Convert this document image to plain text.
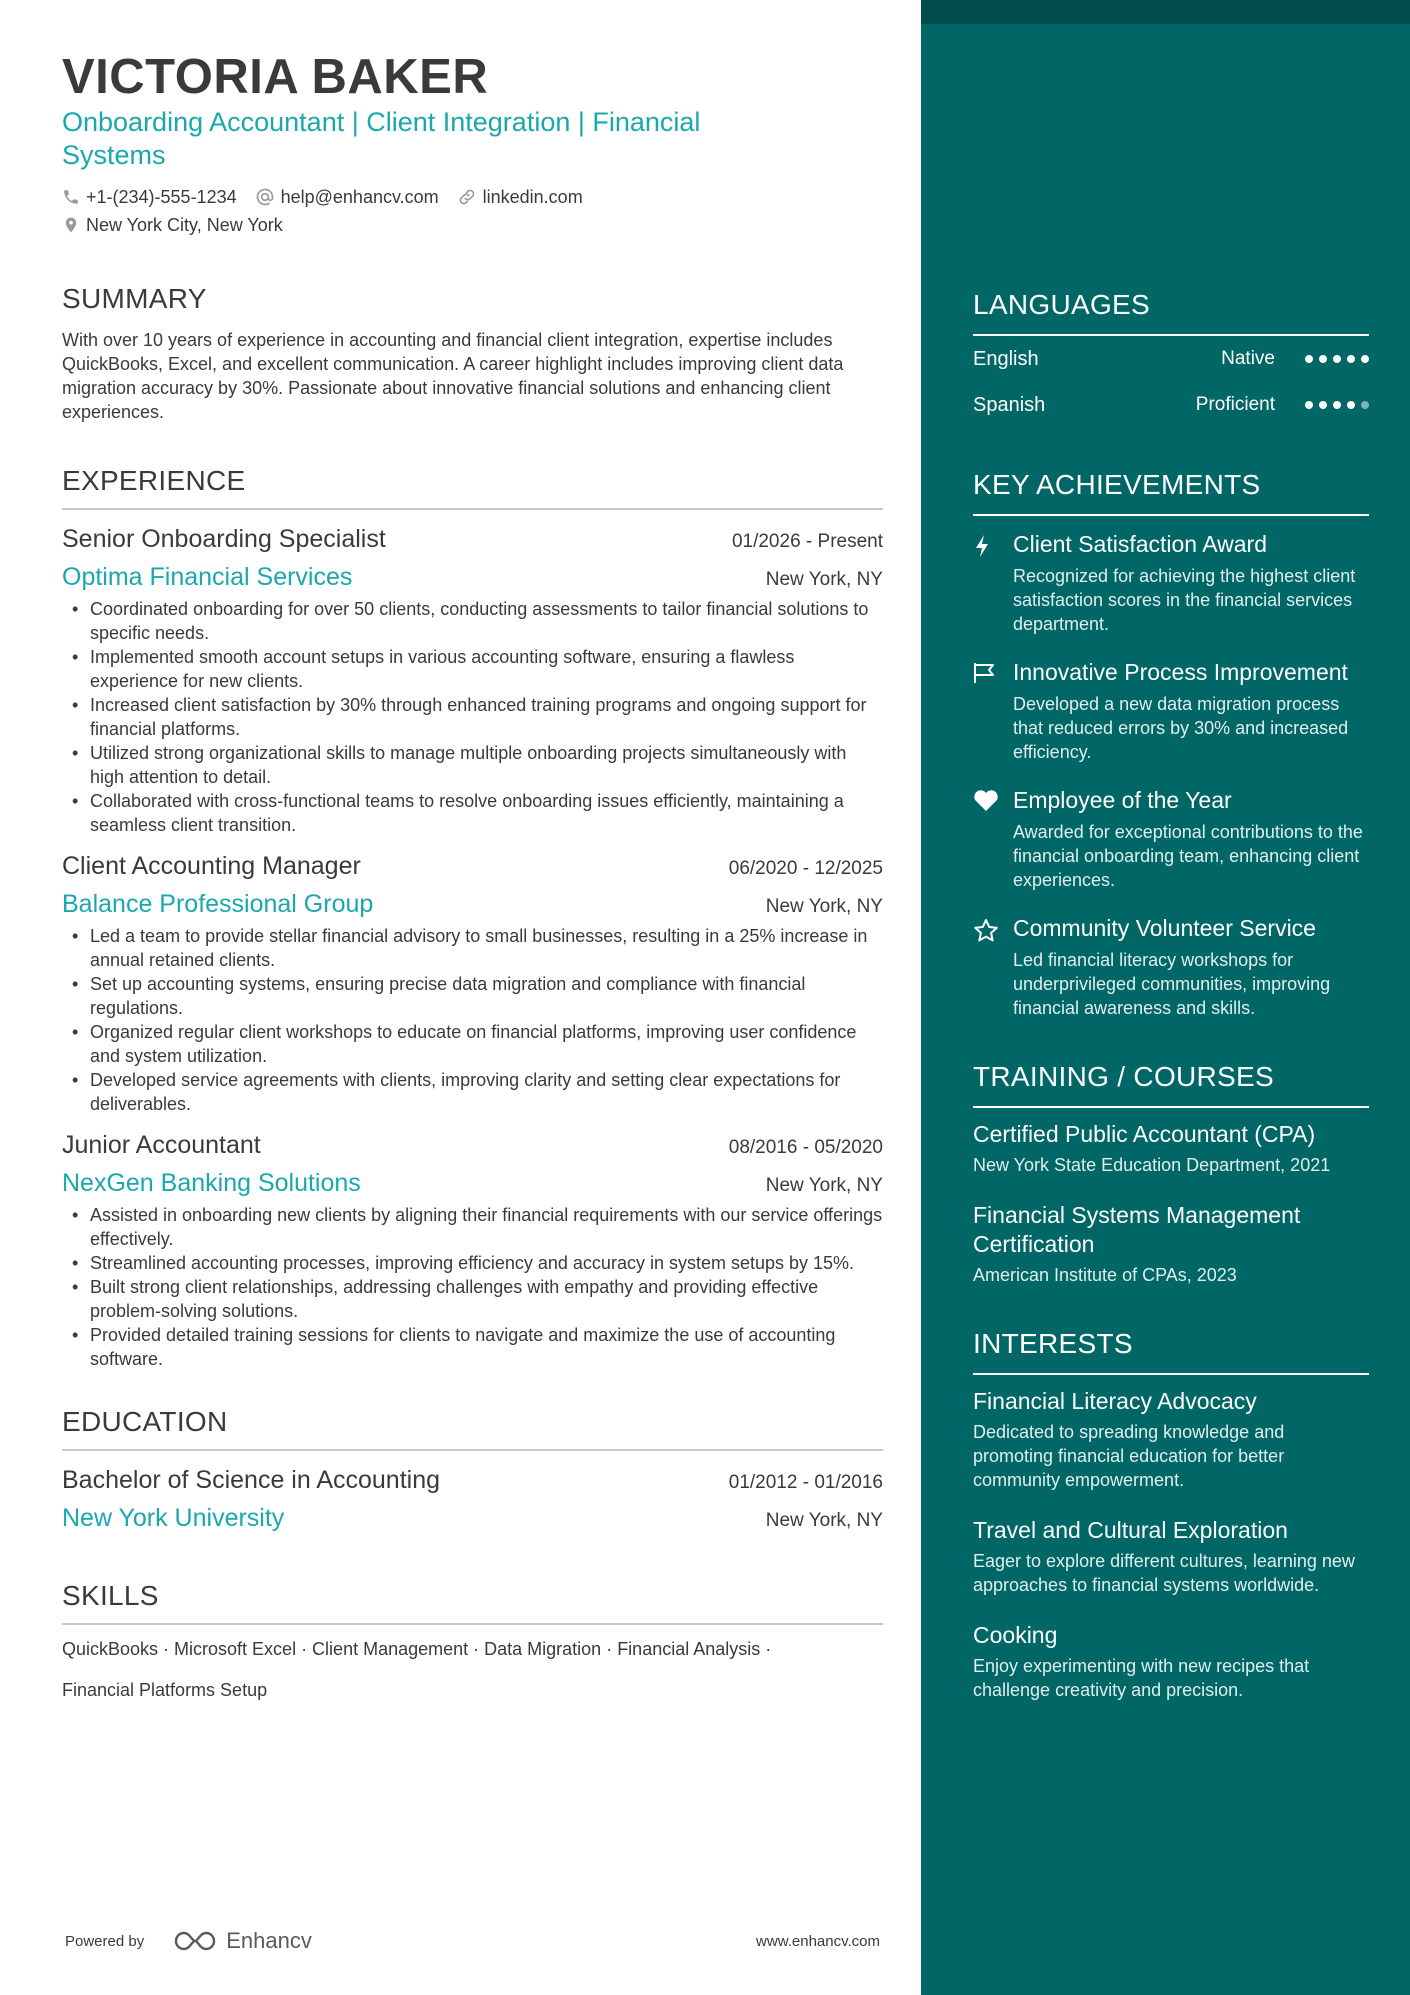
VICTORIA BAKER
Onboarding Accountant | Client Integration | Financial Systems
+1-(234)-555-1234 help@enhancv.com linkedin.com
New York City, New York
SUMMARY
With over 10 years of experience in accounting and financial client integration, expertise includes QuickBooks, Excel, and excellent communication. A career highlight includes improving client data migration accuracy by 30%. Passionate about innovative financial solutions and enhancing client experiences.
EXPERIENCE
Senior Onboarding Specialist	01/2026 - Present
Optima Financial Services	New York, NY
• Coordinated onboarding for over 50 clients, conducting assessments to tailor financial solutions to specific needs.
• Implemented smooth account setups in various accounting software, ensuring a flawless experience for new clients.
• Increased client satisfaction by 30% through enhanced training programs and ongoing support for financial platforms.
• Utilized strong organizational skills to manage multiple onboarding projects simultaneously with high attention to detail.
• Collaborated with cross-functional teams to resolve onboarding issues efficiently, maintaining a seamless client transition.
Client Accounting Manager	06/2020 - 12/2025
Balance Professional Group	New York, NY
• Led a team to provide stellar financial advisory to small businesses, resulting in a 25% increase in annual retained clients.
• Set up accounting systems, ensuring precise data migration and compliance with financial regulations.
• Organized regular client workshops to educate on financial platforms, improving user confidence and system utilization.
• Developed service agreements with clients, improving clarity and setting clear expectations for deliverables.
Junior Accountant	08/2016 - 05/2020
NexGen Banking Solutions	New York, NY
• Assisted in onboarding new clients by aligning their financial requirements with our service offerings effectively.
• Streamlined accounting processes, improving efficiency and accuracy in system setups by 15%.
• Built strong client relationships, addressing challenges with empathy and providing effective problem-solving solutions.
• Provided detailed training sessions for clients to navigate and maximize the use of accounting software.
EDUCATION
Bachelor of Science in Accounting	01/2012 - 01/2016
New York University	New York, NY
SKILLS
QuickBooks · Microsoft Excel · Client Management · Data Migration · Financial Analysis ·
Financial Platforms Setup
Powered by	Enhancv	www.enhancv.com
LANGUAGES
English	Native
Spanish	Proficient
KEY ACHIEVEMENTS
Client Satisfaction Award
Recognized for achieving the highest client satisfaction scores in the financial services department.
Innovative Process Improvement
Developed a new data migration process that reduced errors by 30% and increased efficiency.
Employee of the Year
Awarded for exceptional contributions to the financial onboarding team, enhancing client experiences.
Community Volunteer Service
Led financial literacy workshops for underprivileged communities, improving financial awareness and skills.
TRAINING / COURSES
Certified Public Accountant (CPA)
New York State Education Department, 2021
Financial Systems Management Certification
American Institute of CPAs, 2023
INTERESTS
Financial Literacy Advocacy
Dedicated to spreading knowledge and promoting financial education for better community empowerment.
Travel and Cultural Exploration
Eager to explore different cultures, learning new approaches to financial systems worldwide.
Cooking
Enjoy experimenting with new recipes that challenge creativity and precision.
